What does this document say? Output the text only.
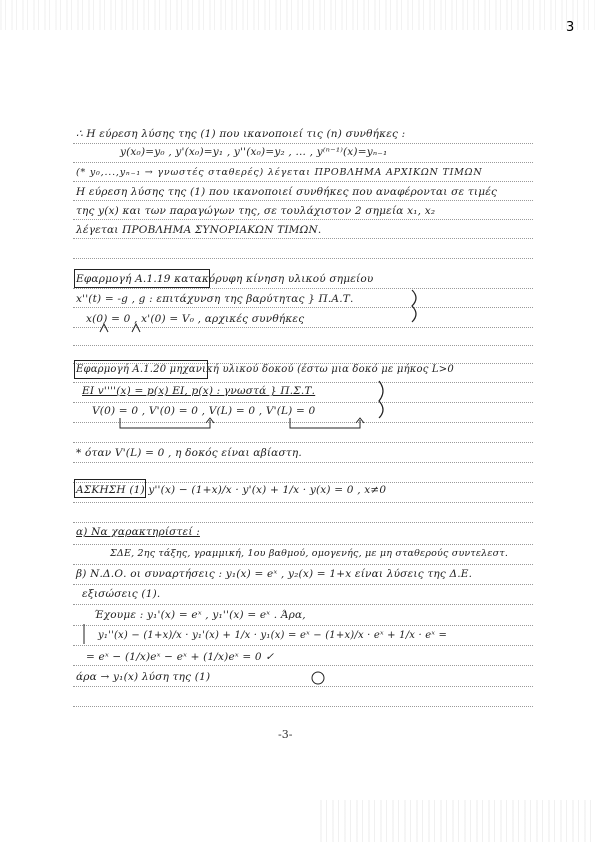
3
∴ Η εύρεση λύσης της (1) που ικανοποιεί τις (n) συνθήκες :
y(x₀)=y₀ , y'(x₀)=y₁ , y''(x₀)=y₂ , ... , y⁽ⁿ⁻¹⁾(x)=yₙ₋₁
(* y₀,...,yₙ₋₁ → γνωστές σταθερές) λέγεται ΠΡΟΒΛΗΜΑ ΑΡΧΙΚΩΝ ΤΙΜΩΝ
Η εύρεση λύσης της (1) που ικανοποιεί συνθήκες που αναφέρονται σε τιμές
της y(x) και των παραγώγων της, σε τουλάχιστον 2 σημεία x₁, x₂
λέγεται ΠΡΟΒΛΗΜΑ ΣΥΝΟΡΙΑΚΩΝ ΤΙΜΩΝ.
Εφαρμογή Α.1.19 κατακόρυφη κίνηση υλικού σημείου
x''(t) = -g , g : επιτάχυνση της βαρύτητας } Π.Α.Τ.
x(0) = 0 , x'(0) = V₀ , αρχικές συνθήκες
Εφαρμογή Α.1.20 μηχανική υλικού δοκού (έστω μια δοκό με μήκος L>0
EI v''''(x) = p(x) EI, p(x) : γνωστά } Π.Σ.Τ.
V(0) = 0 , V'(0) = 0 , V(L) = 0 , V'(L) = 0
* όταν V'(L) = 0 , η δοκός είναι αβίαστη.
ΑΣΚΗΣΗ (1) y''(x) − (1+x)/x · y'(x) + 1/x · y(x) = 0 , x≠0
α) Να χαρακτηρίστεί :
ΣΔΕ, 2ης τάξης, γραμμική, 1ου βαθμού, ομογενής, με μη σταθερούς συντελεστ.
β) Ν.Δ.Ο. οι συναρτήσεις : y₁(x) = eˣ , y₂(x) = 1+x είναι λύσεις της Δ.Ε.
εξισώσεις (1).
Έχουμε : y₁'(x) = eˣ , y₁''(x) = eˣ . Άρα,
y₁''(x) − (1+x)/x · y₁'(x) + 1/x · y₁(x) = eˣ − (1+x)/x · eˣ + 1/x · eˣ =
= eˣ − (1/x)eˣ − eˣ + (1/x)eˣ = 0 ✓
άρα → y₁(x) λύση της (1)
-3-
